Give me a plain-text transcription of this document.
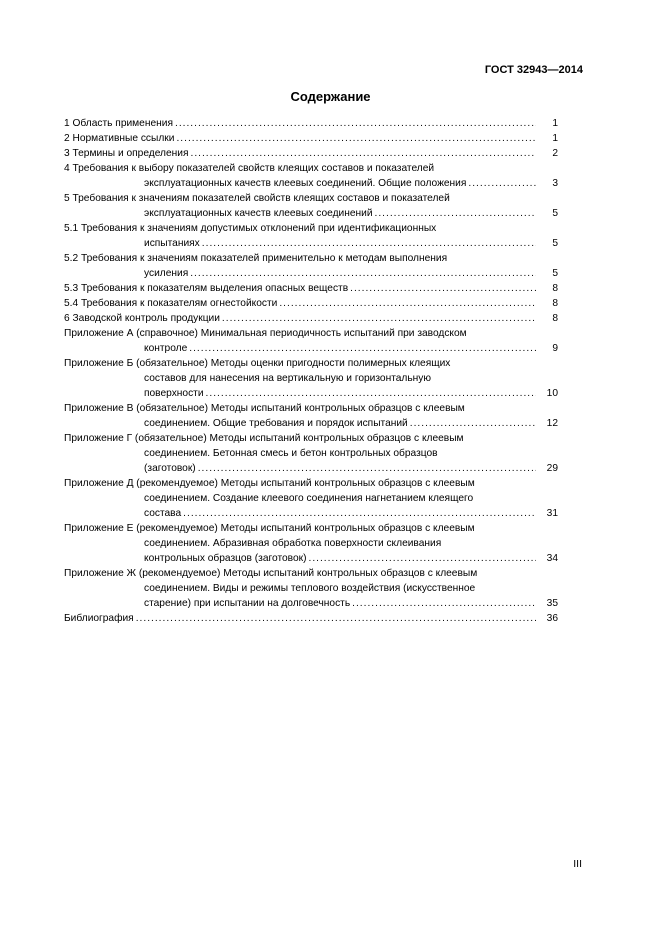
ГОСТ 32943—2014
Содержание
1 Область применения .....	1
2 Нормативные ссылки .....	1
3 Термины и определения .....	2
4 Требования к выбору показателей свойств клеящих составов и показателей
эксплуатационных качеств клеевых соединений. Общие положения .....	3
5 Требования к значениям показателей свойств клеящих составов и показателей
эксплуатационных качеств клеевых соединений .....	5
5.1 Требования к значениям допустимых отклонений при идентификационных
испытаниях .....	5
5.2 Требования к значениям показателей применительно к методам выполнения
усиления .....	5
5.3 Требования к показателям выделения опасных веществ .....	8
5.4 Требования к показателям огнестойкости .....	8
6 Заводской контроль продукции .....	8
Приложение А (справочное) Минимальная периодичность испытаний при заводском
контроле .....	9
Приложение Б (обязательное) Методы оценки пригодности полимерных клеящих
составов для нанесения на вертикальную и горизонтальную
поверхности .....	10
Приложение В (обязательное) Методы испытаний контрольных образцов с клеевым
соединением. Общие требования и порядок испытаний .....	12
Приложение Г (обязательное) Методы испытаний контрольных образцов с клеевым
соединением. Бетонная смесь и бетон контрольных образцов
(заготовок) .....	29
Приложение Д (рекомендуемое) Методы испытаний контрольных образцов с клеевым
соединением. Создание клеевого соединения нагнетанием клеящего
состава .....	31
Приложение Е (рекомендуемое) Методы испытаний контрольных образцов с клеевым
соединением. Абразивная обработка поверхности склеивания
контрольных образцов (заготовок) .....	34
Приложение Ж (рекомендуемое) Методы испытаний контрольных образцов с клеевым
соединением. Виды и режимы теплового воздействия (искусственное
старение) при испытании на долговечность .....	35
Библиография .....	36
III
